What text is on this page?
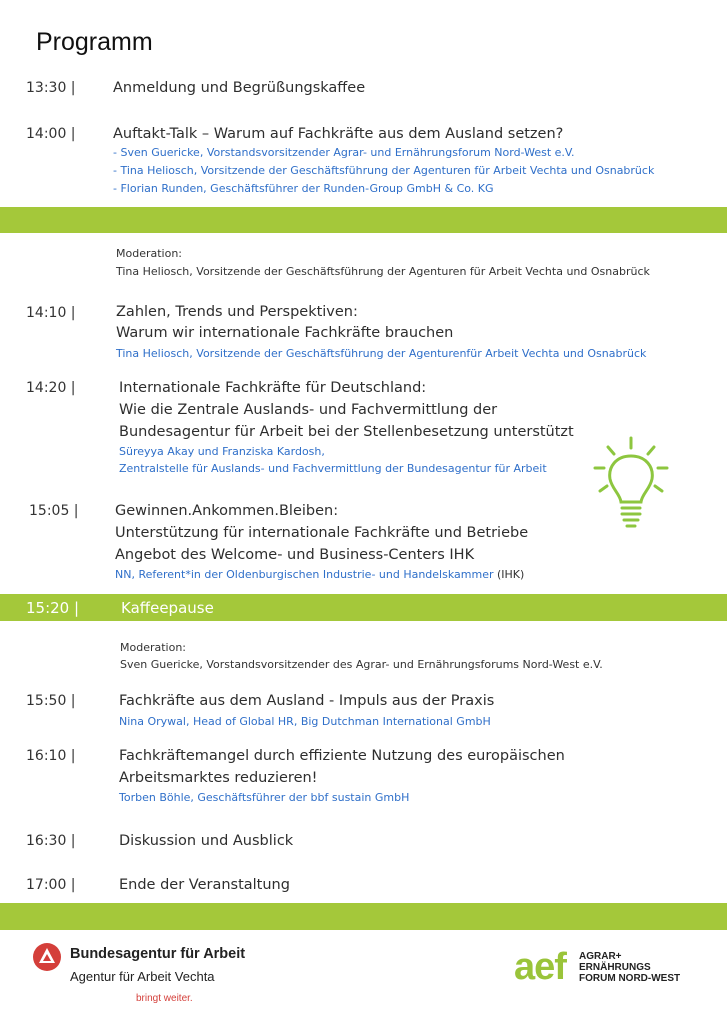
Programm
13:30 |	Anmeldung und Begrüßungskaffee
14:00 |	Auftakt-Talk – Warum auf Fachkräfte aus dem Ausland setzen?
- Sven Guericke, Vorstandsvorsitzender Agrar- und Ernährungsforum Nord-West e.V.
- Tina Heliosch, Vorsitzende der Geschäftsführung der Agenturen für Arbeit Vechta und Osnabrück
- Florian Runden, Geschäftsführer der Runden-Group GmbH & Co. KG
Moderation:
Tina Heliosch, Vorsitzende der Geschäftsführung der Agenturen für Arbeit Vechta und Osnabrück
14:10 |	Zahlen, Trends und Perspektiven:
Warum wir internationale Fachkräfte brauchen
Tina Heliosch, Vorsitzende der Geschäftsführung der Agenturenfür Arbeit Vechta und Osnabrück
14:20 |	Internationale Fachkräfte für Deutschland:
Wie die Zentrale Auslands- und Fachvermittlung der
Bundesagentur für Arbeit bei der Stellenbesetzung unterstützt
Süreyya Akay und Franziska Kardosh,
Zentralstelle für Auslands- und Fachvermittlung der Bundesagentur für Arbeit
15:05 |	Gewinnen.Ankommen.Bleiben:
Unterstützung für internationale Fachkräfte und Betriebe
Angebot des Welcome- und Business-Centers IHK
NN, Referent*in der Oldenburgischen Industrie- und Handelskammer (IHK)
15:20 |	Kaffeepause
Moderation:
Sven Guericke, Vorstandsvorsitzender des Agrar- und Ernährungsforums Nord-West e.V.
15:50 |	Fachkräfte aus dem Ausland - Impuls aus der Praxis
Nina Orywal, Head of Global HR, Big Dutchman International GmbH
16:10 |	Fachkräftemangel durch effiziente Nutzung des europäischen
Arbeitsmarktes reduzieren!
Torben Böhle, Geschäftsführer der bbf sustain GmbH
16:30 |	Diskussion und Ausblick
17:00 |	Ende der Veranstaltung
Bundesagentur für Arbeit
Agentur für Arbeit Vechta
bringt weiter.
aef AGRAR+
ERNÄHRUNGS
FORUM NORD-WEST
